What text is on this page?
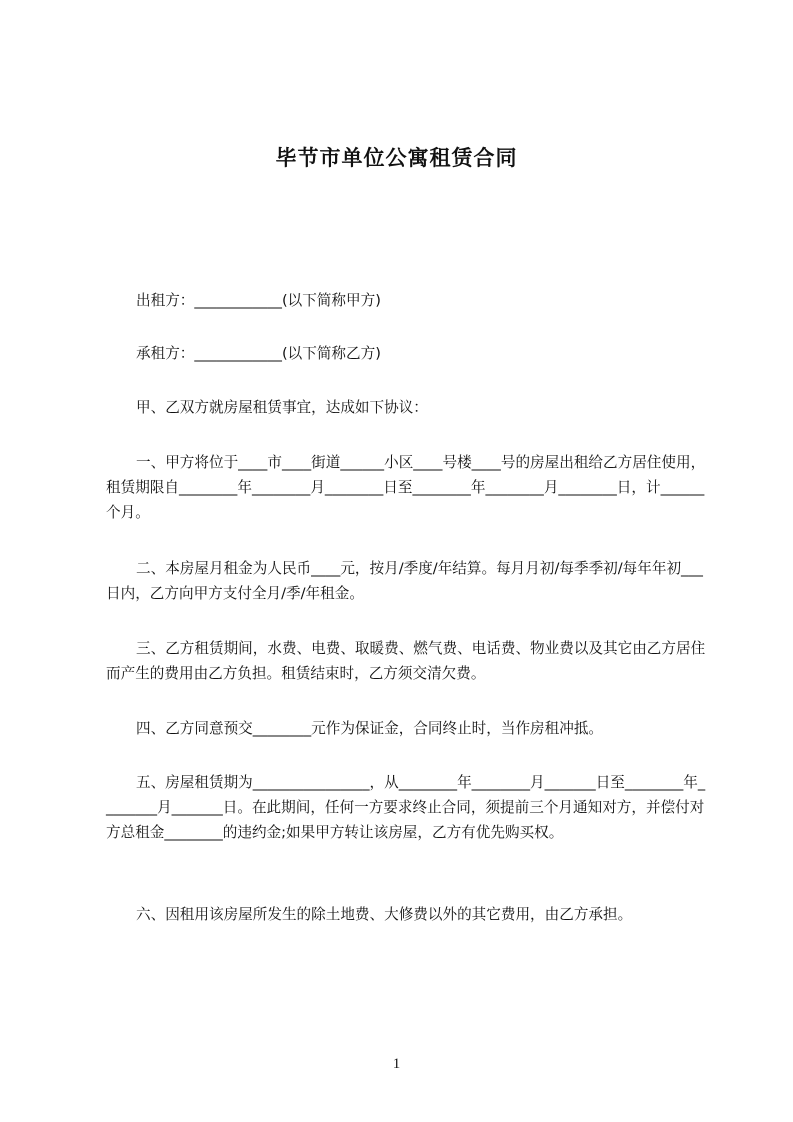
毕节市单位公寓租赁合同

出租方：____________(以下简称甲方)

承租方：____________(以下简称乙方)

甲、乙双方就房屋租赁事宜，达成如下协议：

一、甲方将位于____市____街道______小区____号楼____号的房屋出租给乙方居住使用，租赁期限自________年________月________日至________年________月________日，计______个月。

二、本房屋月租金为人民币____元，按月/季度/年结算。每月月初/每季季初/每年年初___日内，乙方向甲方支付全月/季/年租金。

三、乙方租赁期间，水费、电费、取暖费、燃气费、电话费、物业费以及其它由乙方居住而产生的费用由乙方负担。租赁结束时，乙方须交清欠费。

四、乙方同意预交________元作为保证金，合同终止时，当作房租冲抵。

五、房屋租赁期为________________，从________年________月_______日至________年________月_______日。在此期间，任何一方要求终止合同，须提前三个月通知对方，并偿付对方总租金________的违约金;如果甲方转让该房屋，乙方有优先购买权。

六、因租用该房屋所发生的除土地费、大修费以外的其它费用，由乙方承担。

1
